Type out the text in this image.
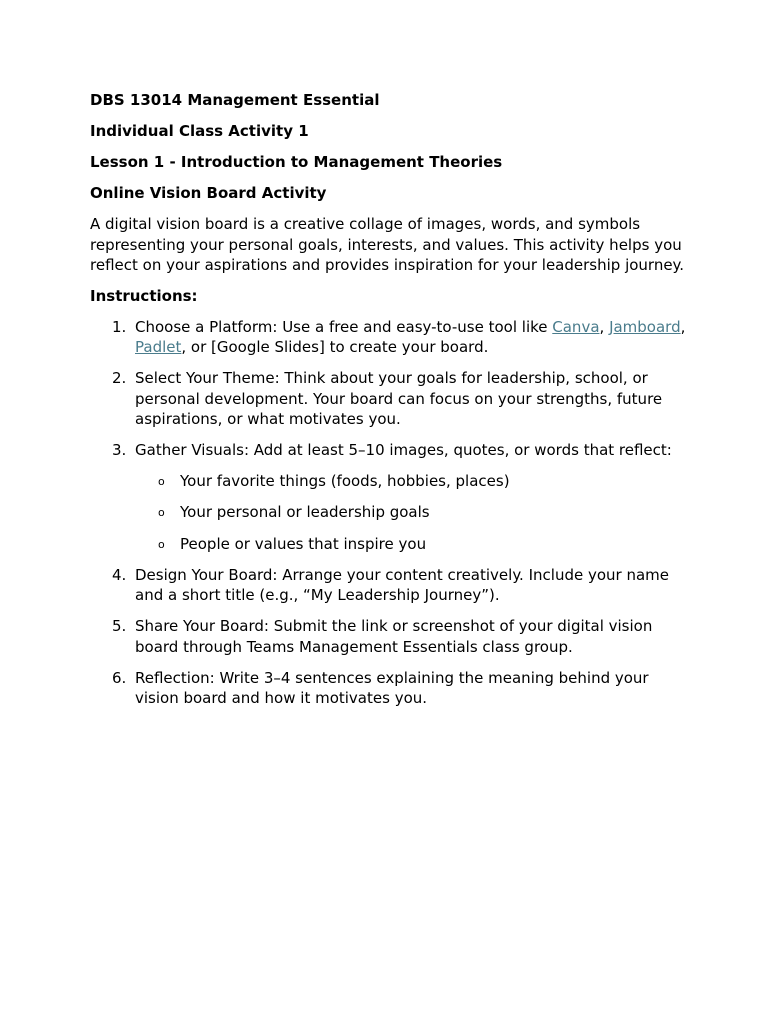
DBS 13014 Management Essential
Individual Class Activity 1
Lesson 1 - Introduction to Management Theories
Online Vision Board Activity

A digital vision board is a creative collage of images, words, and symbols representing your personal goals, interests, and values. This activity helps you reflect on your aspirations and provides inspiration for your leadership journey.

Instructions:
1. Choose a Platform: Use a free and easy-to-use tool like Canva, Jamboard, Padlet, or [Google Slides] to create your board.
2. Select Your Theme: Think about your goals for leadership, school, or personal development. Your board can focus on your strengths, future aspirations, or what motivates you.
3. Gather Visuals: Add at least 5–10 images, quotes, or words that reflect:
o Your favorite things (foods, hobbies, places)
o Your personal or leadership goals
o People or values that inspire you
4. Design Your Board: Arrange your content creatively. Include your name and a short title (e.g., “My Leadership Journey”).
5. Share Your Board: Submit the link or screenshot of your digital vision board through Teams Management Essentials class group.
6. Reflection: Write 3–4 sentences explaining the meaning behind your vision board and how it motivates you.
